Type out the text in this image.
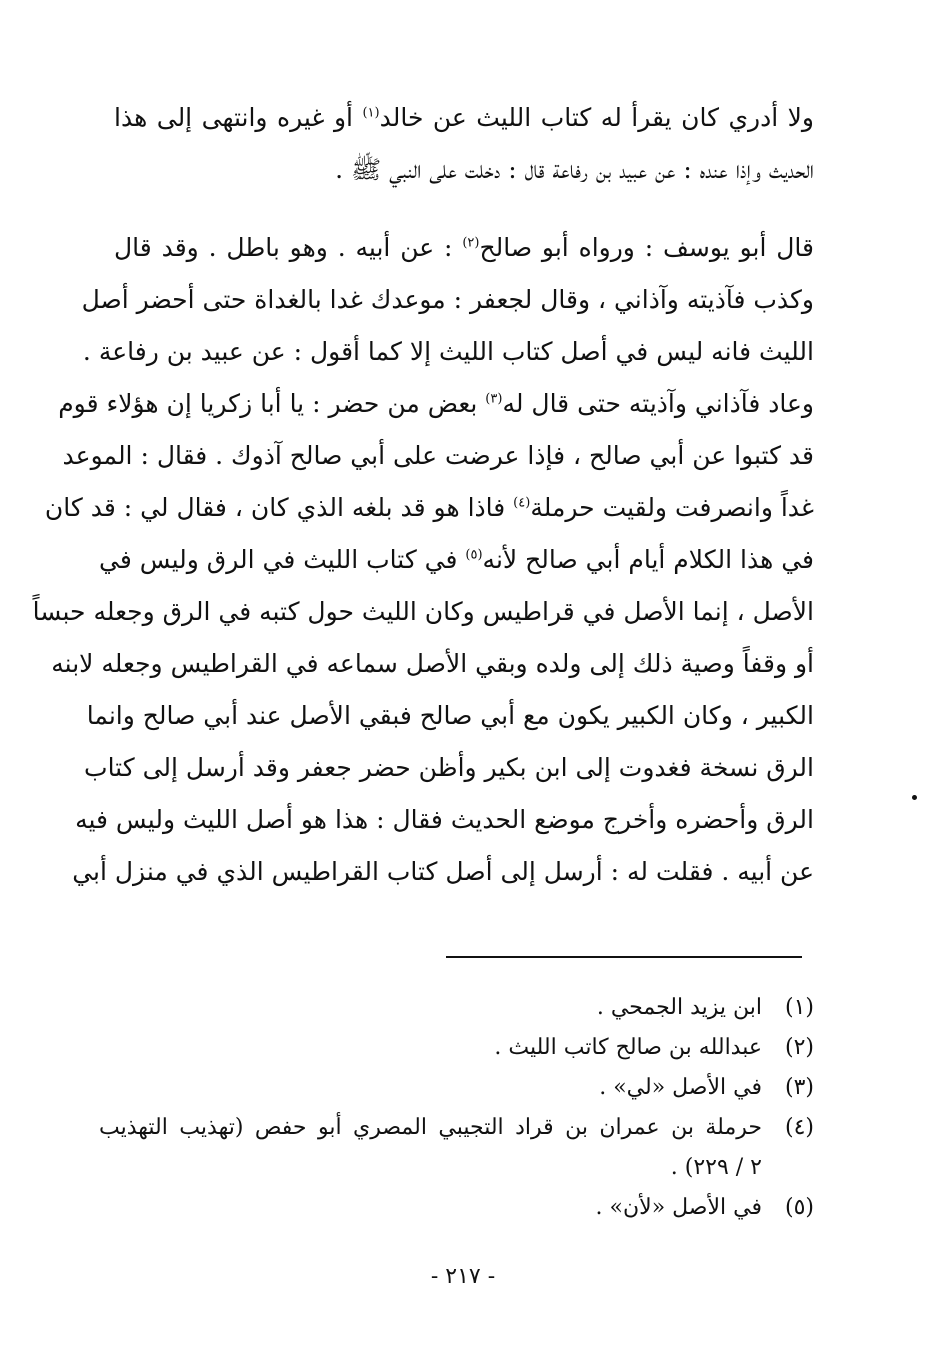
ولا أدري كان يقرأ له كتاب الليث عن خالد$^{(١)}$ أو غيره وانتهى إلى هذا
الحديث وإذا عنده : عن عبيد بن رفاعة قال : دخلت على النبي ﷺ .

قال أبو يوسف : ورواه أبو صالح$^{(٢)}$ : عن أبيه . وهو باطل . وقد قال
وكذب فآذيته وآذاني ، وقال لجعفر : موعدك غدا بالغداة حتى أحضر أصل
الليث فانه ليس في أصل كتاب الليث إلا كما أقول : عن عبيد بن رفاعة .
وعاد فآذاني وآذيته حتى قال له$^{(٣)}$ بعض من حضر : يا أبا زكريا إن هؤلاء قوم
قد كتبوا عن أبي صالح ، فإذا عرضت على أبي صالح آذوك . فقال : الموعد
غداً وانصرفت ولقيت حرملة$^{(٤)}$ فاذا هو قد بلغه الذي كان ، فقال لي : قد كان
في هذا الكلام أيام أبي صالح لأنه$^{(٥)}$ في كتاب الليث في الرق وليس في
الأصل ، إنما الأصل في قراطيس وكان الليث حول كتبه في الرق وجعله حبساً
أو وقفاً وصية ذلك إلى ولده وبقي الأصل سماعه في القراطيس وجعله لابنه
الكبير ، وكان الكبير يكون مع أبي صالح فبقي الأصل عند أبي صالح وانما
الرق نسخة فغدوت إلى ابن بكير وأظن حضر جعفر وقد أرسل إلى كتاب
الرق وأحضره وأخرج موضع الحديث فقال : هذا هو أصل الليث وليس فيه
عن أبيه . فقلت له : أرسل إلى أصل كتاب القراطيس الذي في منزل أبي

(١)
ابن يزيد الجمحي .
(٢)
عبدالله بن صالح كاتب الليث .
(٣)
في الأصل «لي» .
(٤)
حرملة بن عمران بن قراد التجيبي المصري أبو حفص (تهذيب التهذيب
٢ / ٢٢٩) .
(٥)
في الأصل «لأن» .
- ٢١٧ -
